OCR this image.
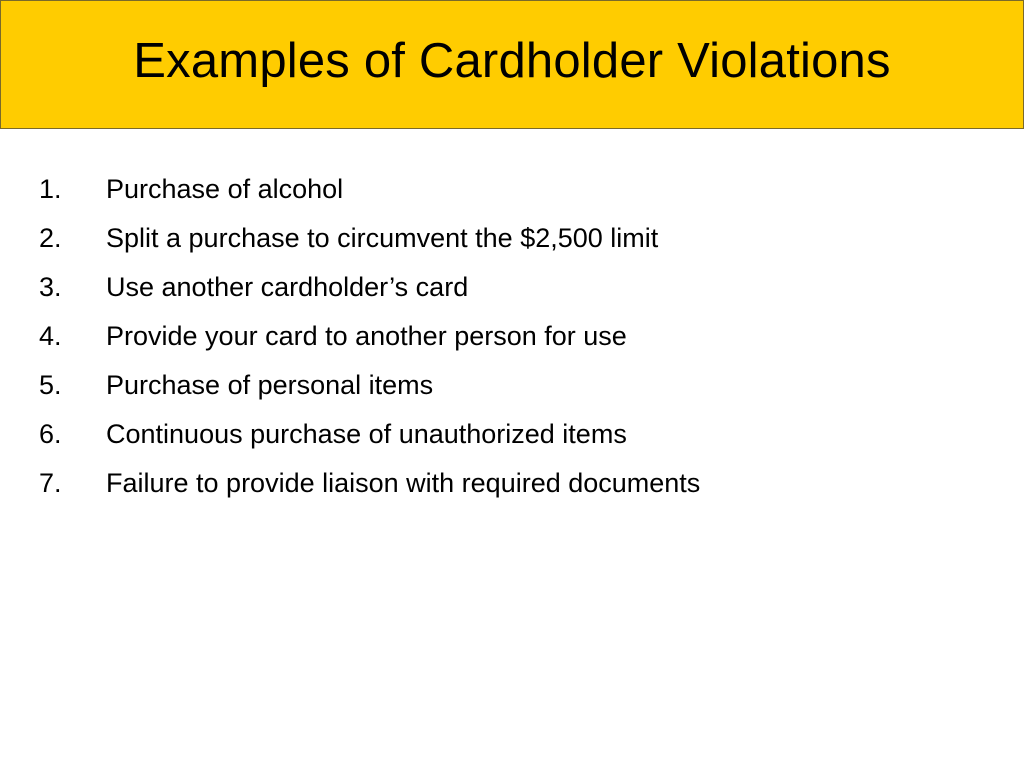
Examples of Cardholder Violations
1. Purchase of alcohol
2. Split a purchase to circumvent the $2,500 limit
3. Use another cardholder’s card
4. Provide your card to another person for use
5. Purchase of personal items
6. Continuous purchase of unauthorized items
7. Failure to provide liaison with required documents
